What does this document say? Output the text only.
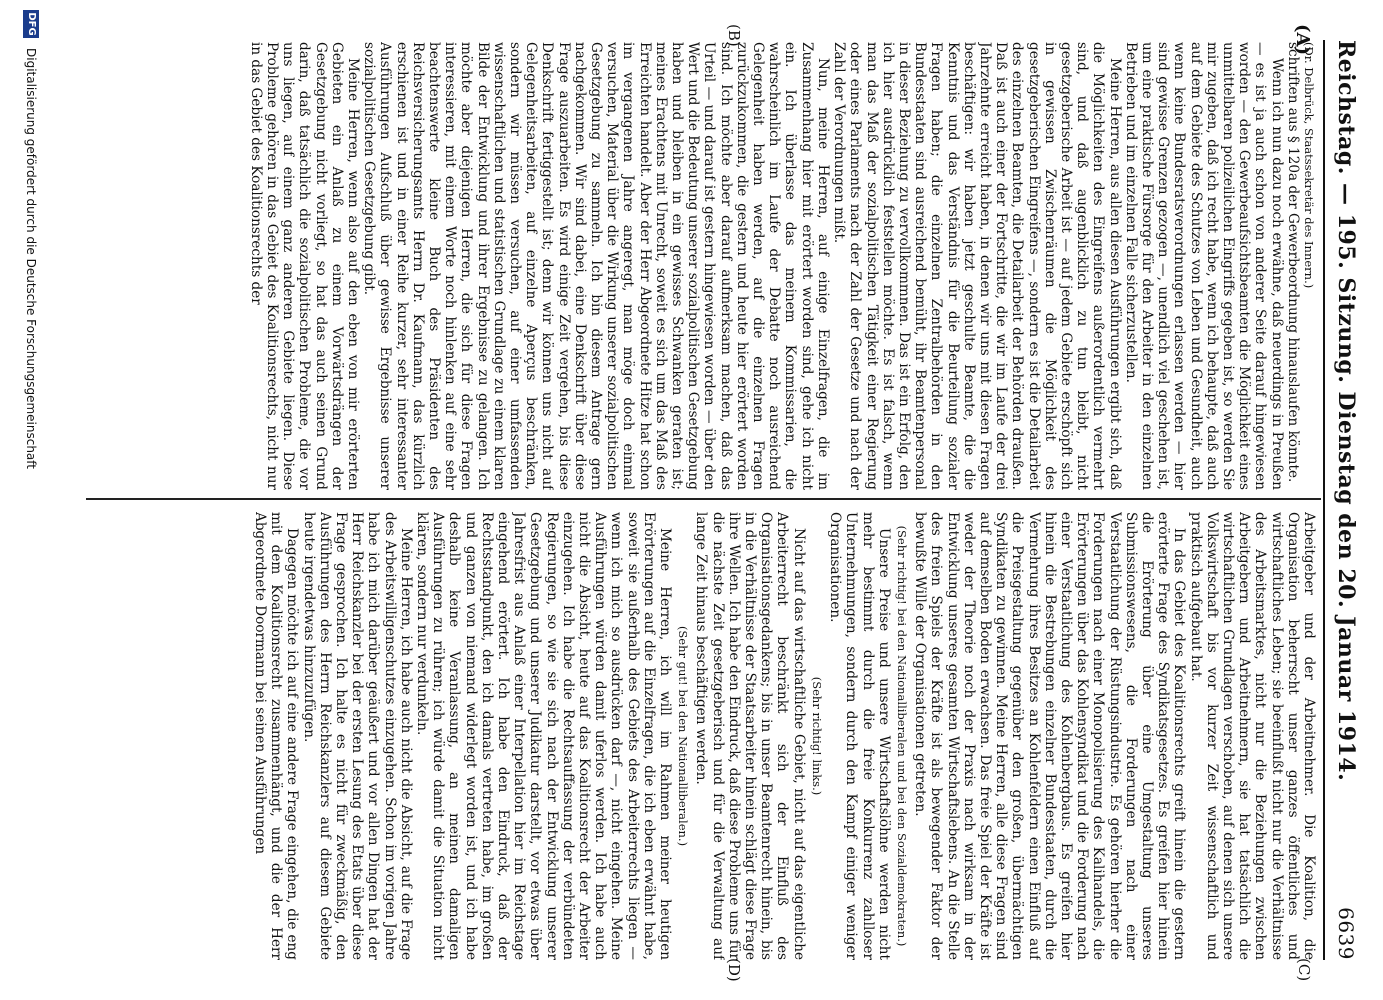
Reichstag. — 195. Sitzung. Dienstag den 20. Januar 1914.
6639
(A)
(B)
(C)
(D)

(Dr. Delbrück, Staatssekretär des Innern.)

schriften aus § 120a der Gewerbeordnung hinauslaufen könnte.

Wenn ich nun dazu noch erwähne, daß neuerdings in Preußen — es ist ja auch schon von anderer Seite darauf hingewiesen worden — den Gewerbeaufsichtsbeamten die Möglichkeit eines unmittelbaren polizeilichen Eingriffs gegeben ist, so werden Sie mir zugeben, daß ich recht habe, wenn ich behaupte, daß auch auf dem Gebiete des Schutzes von Leben und Gesundheit, auch wenn keine Bundesratsverordnungen erlassen werden — hier sind gewisse Grenzen gezogen —, unendlich viel geschehen ist, um eine praktische Fürsorge für den Arbeiter in den einzelnen Betrieben und im einzelnen Falle sicherzustellen.

Meine Herren, aus allen diesen Ausführungen ergibt sich, daß die Möglichkeiten des Eingreifens außerordentlich vermehrt sind, und daß augenblicklich zu tun bleibt, nicht gesetzgeberische Arbeit ist — auf jedem Gebiete erschöpft sich in gewissen Zwischenräumen die Möglichkeit des gesetzgeberischen Eingreifens —, sondern es ist die Detailarbeit des einzelnen Beamten, die Detailarbeit der Behörden draußen. Daß ist auch einer der Fortschritte, die wir im Laufe der drei Jahrzehnte erreicht haben, in denen wir uns mit diesen Fragen beschäftigen: wir haben jetzt geschulte Beamte, die die Kenntnis und das Verständnis für die Beurteilung sozialer Fragen haben; die einzelnen Zentralbehörden in den Bundesstaaten sind ausreichend bemüht, ihr Beamtenpersonal in dieser Beziehung zu vervollkommnen. Das ist ein Erfolg, den ich hier ausdrücklich feststellen möchte. Es ist falsch, wenn man das Maß der sozialpolitischen Tätigkeit einer Regierung oder eines Parlaments nach der Zahl der Gesetze und nach der Zahl der Verordnungen mißt.

Nun, meine Herren, auf einige Einzelfragen, die im Zusammenhang hier mit erörtert worden sind, gehe ich nicht ein. Ich überlasse das meinem Kommissarien, die wahrscheinlich im Laufe der Debatte noch ausreichend Gelegenheit haben werden, auf die einzelnen Fragen zurückzukommen, die gestern und heute hier erörtert worden sind. Ich möchte aber darauf aufmerksam machen, daß das Urteil — und darauf ist gestern hingewiesen worden — über den Wert und die Bedeutung unserer sozialpolitischen Gesetzgebung haben und bleiben in ein gewisses Schwanken geraten ist; meines Erachtens mit Unrecht, soweit es sich um das Maß des Erreichten handelt. Aber der Herr Abgeordnete Hitze hat schon im vergangenen Jahre angeregt, man möge doch einmal versuchen, Material über die Wirkung unserer sozialpolitischen Gesetzgebung zu sammeln. Ich bin diesem Antrage gern nachgekommen. Wir sind dabei, eine Denkschrift über diese Frage auszuarbeiten. Es wird einige Zeit vergehen, bis diese Denkschrift fertiggestellt ist; denn wir können uns nicht auf Gelegenheitsarbeiten, auf einzelne Aperçus beschränken, sondern wir müssen versuchen, auf einer umfassenden wissenschaftlichen und statistischen Grundlage zu einem klaren Bilde der Entwicklung und ihrer Ergebnisse zu gelangen. Ich möchte aber diejenigen Herren, die sich für diese Fragen interessieren, mit einem Worte noch hinlenken auf eine sehr beachtenswerte kleine Buch des Präsidenten des Reichsversicherungsamts Herrn Dr. Kaufmann, das kürzlich erschienen ist und in einer Reihe kurzer, sehr interessanter Ausführungen Aufschluß über gewisse Ergebnisse unserer sozialpolitischen Gesetzgebung gibt.

Meine Herren, wenn also auf den eben von mir erörterten Gebieten ein Anlaß zu einem Vorwärtsdrängen der Gesetzgebung nicht vorliegt, so hat das auch seinen Grund darin, daß tatsächlich die sozialpolitischen Probleme, die vor uns liegen, auf einem ganz anderen Gebiete liegen. Diese Probleme gehören in das Gebiet des Koalitionsrechts, nicht nur in das Gebiet des Koalitionsrechts der

Arbeitgeber und der Arbeitnehmer. Die Koalition, die Organisation beherrscht unser ganzes öffentliches und wirtschaftliches Leben; sie beeinflußt nicht nur die Verhältnisse des Arbeitsmarktes, nicht nur die Beziehungen zwischen Arbeitgebern und Arbeitnehmern, sie hat tatsächlich die wirtschaftlichen Grundlagen verschoben, auf denen sich unsere Volkswirtschaft bis vor kurzer Zeit wissenschaftlich und praktisch aufgebaut hat.

In das Gebiet des Koalitionsrechts greift hinein die gestern erörterte Frage des Syndikatsgesetzes. Es greifen hier hinein die Erörterung über eine Umgestaltung unseres Submissionswesens, die Forderungen nach einer Verstaatlichung der Rüstungsindustrie. Es gehören hierher die Forderungen nach einer Monopolisierung des Kalihandels, die Erörterungen über das Kohlensyndikat und die Forderung nach einer Verstaatlichung des Kohlenbergbaus. Es greifen hier hinein die Bestrebungen einzelner Bundesstaaten, durch die Vermehrung ihres Besitzes an Kohlenfeldern einen Einfluß auf die Preisgestaltung gegenüber den großen, übermächtigen Syndikaten zu gewinnen. Meine Herren, alle diese Fragen sind auf demselben Boden erwachsen. Das freie Spiel der Kräfte ist weder der Theorie noch der Praxis nach wirksam in der Entwicklung unseres gesamten Wirtschaftslebens. An die Stelle des freien Spiels der Kräfte ist als bewegender Faktor der bewußte Wille der Organisationen getreten.

(Sehr richtig! bei den Nationalliberalen und bei den Sozialdemokraten.)

Unsere Preise und unsere Wirtschaftslöhne werden nicht mehr bestimmt durch die freie Konkurrenz zahlloser Unternehmungen, sondern durch den Kampf einiger weniger Organisationen.

(Sehr richtig! links.)

Nicht auf das wirtschaftliche Gebiet, nicht auf das eigentliche Arbeiterrecht beschränkt sich der Einfluß des Organisationsgedankens; bis in unser Beamtenrecht hinein, bis in die Verhältnisse der Staatsarbeiter hinein schlägt diese Frage ihre Wellen. Ich habe den Eindruck, daß diese Probleme uns für die nächste Zeit gesetzgeberisch und für die Verwaltung auf lange Zeit hinaus beschäftigen werden.

(Sehr gut! bei den Nationalliberalen.)

Meine Herren, ich will im Rahmen meiner heutigen Erörterungen auf die Einzelfragen, die ich eben erwähnt habe, soweit sie außerhalb des Gebiets des Arbeiterrechts liegen — wenn ich mich so ausdrücken darf —, nicht eingehen. Meine Ausführungen würden damit uferlos werden. Ich habe auch nicht die Absicht, heute auf das Koalitionsrecht der Arbeiter einzugehen. Ich habe die Rechtsauffassung der verbündeten Regierungen, so wie sie sich nach der Entwicklung unserer Gesetzgebung und unserer Judikatur darstellt, vor etwas über Jahresfrist aus Anlaß einer Interpellation hier im Reichstage eingehend erörtert. Ich habe den Eindruck, daß der Rechtsstandpunkt, den ich damals vertreten habe, im großen und ganzen von niemand widerlegt worden ist, und ich habe deshalb keine Veranlassung, an meinen damaligen Ausführungen zu rühren; ich würde damit die Situation nicht klären, sondern nur verdunkeln.

Meine Herren, ich habe auch nicht die Absicht, auf die Frage des Arbeitswilligenschutzes einzugehen. Schon im vorigen Jahre habe ich mich darüber geäußert und vor allen Dingen hat der Herr Reichskanzler bei der ersten Lesung des Etats über diese Frage gesprochen. Ich halte es nicht für zweckmäßig, den Ausführungen des Herrn Reichskanzlers auf diesem Gebiete heute irgendetwas hinzuzufügen.

Dagegen möchte ich auf eine andere Frage eingehen, die eng mit dem Koalitionsrecht zusammenhängt, und die der Herr Abgeordnete Doormann bei seinen Ausführungen

DFG
Digitalisierung gefördert durch die Deutsche Forschungsgemeinschaft
